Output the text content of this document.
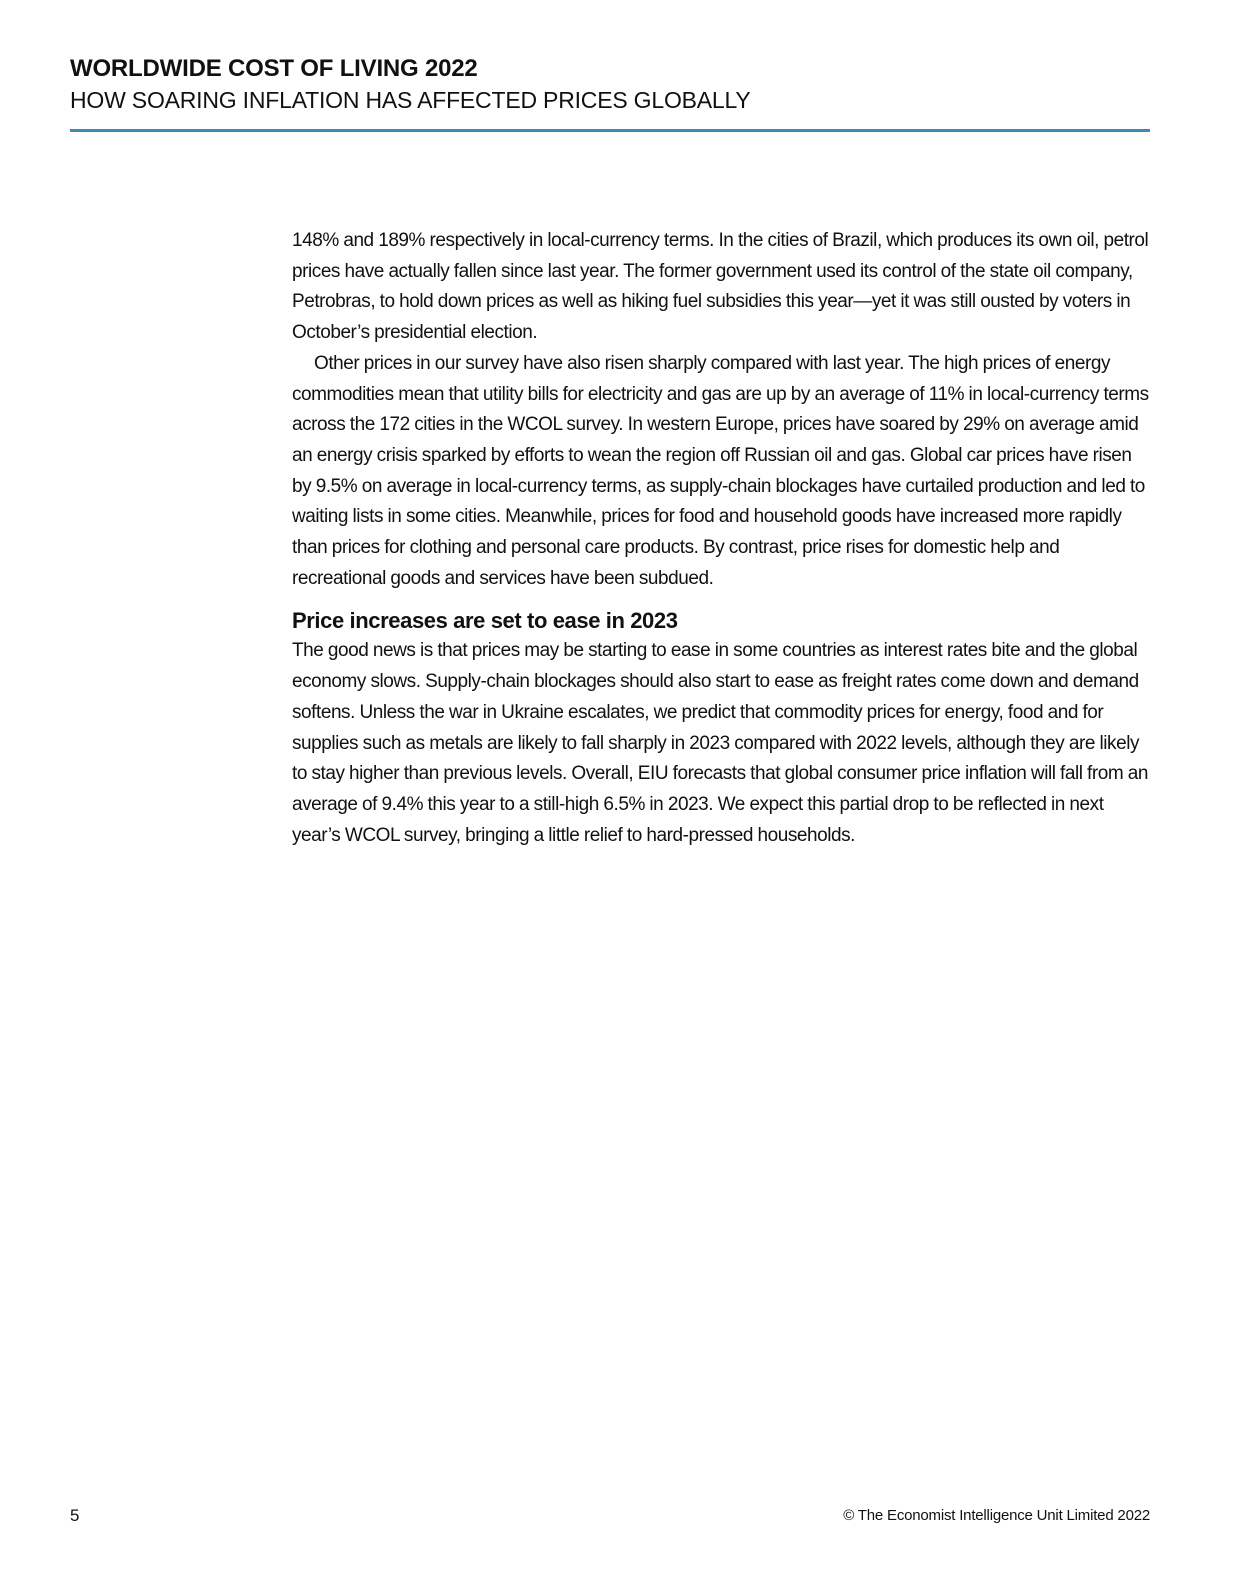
WORLDWIDE COST OF LIVING 2022
HOW SOARING INFLATION HAS AFFECTED PRICES GLOBALLY

148% and 189% respectively in local-currency terms. In the cities of Brazil, which produces its own oil, petrol prices have actually fallen since last year. The former government used its control of the state oil company, Petrobras, to hold down prices as well as hiking fuel subsidies this year—yet it was still ousted by voters in October’s presidential election.

Other prices in our survey have also risen sharply compared with last year. The high prices of energy commodities mean that utility bills for electricity and gas are up by an average of 11% in local-currency terms across the 172 cities in the WCOL survey. In western Europe, prices have soared by 29% on average amid an energy crisis sparked by efforts to wean the region off Russian oil and gas. Global car prices have risen by 9.5% on average in local-currency terms, as supply-chain blockages have curtailed production and led to waiting lists in some cities. Meanwhile, prices for food and household goods have increased more rapidly than prices for clothing and personal care products. By contrast, price rises for domestic help and recreational goods and services have been subdued.

Price increases are set to ease in 2023

The good news is that prices may be starting to ease in some countries as interest rates bite and the global economy slows. Supply-chain blockages should also start to ease as freight rates come down and demand softens. Unless the war in Ukraine escalates, we predict that commodity prices for energy, food and for supplies such as metals are likely to fall sharply in 2023 compared with 2022 levels, although they are likely to stay higher than previous levels. Overall, EIU forecasts that global consumer price inflation will fall from an average of 9.4% this year to a still-high 6.5% in 2023. We expect this partial drop to be reflected in next year’s WCOL survey, bringing a little relief to hard-pressed households.

5	© The Economist Intelligence Unit Limited 2022
